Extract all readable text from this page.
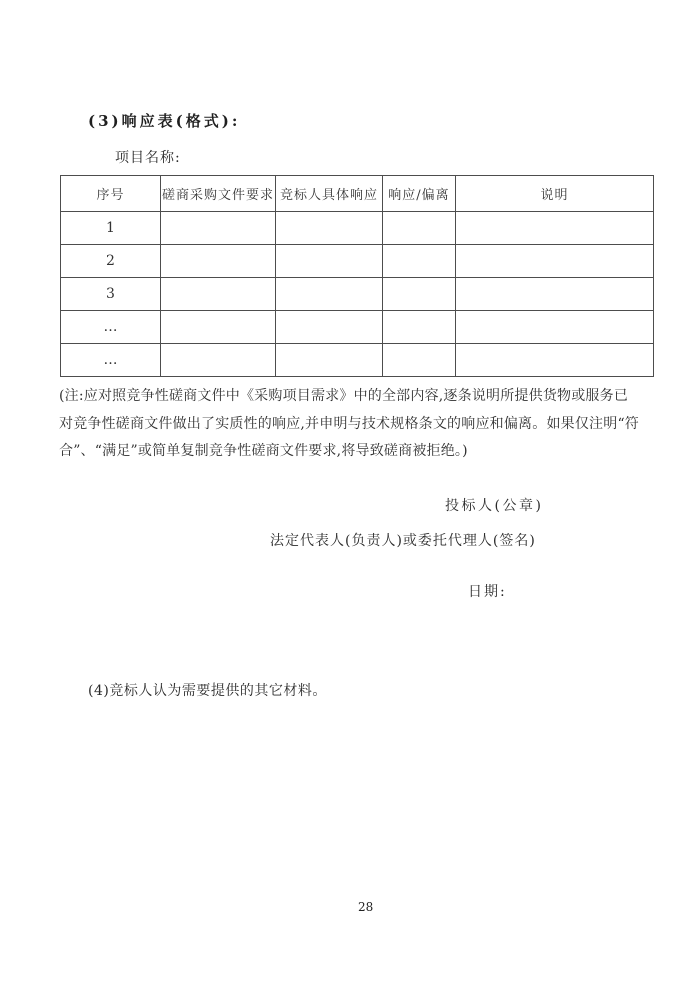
(3)响应表(格式):
项目名称:
序号	磋商采购文件要求	竞标人具体响应	响应/偏离	说明
1				
2				
3				
…				
…				
(注:应对照竞争性磋商文件中《采购项目需求》中的全部内容,逐条说明所提供货物或服务已
对竞争性磋商文件做出了实质性的响应,并申明与技术规格条文的响应和偏离。如果仅注明“符
合”、“满足”或简单复制竞争性磋商文件要求,将导致磋商被拒绝。)
投标人(公章)
法定代表人(负责人)或委托代理人(签名)
日期:
(4)竞标人认为需要提供的其它材料。
28
